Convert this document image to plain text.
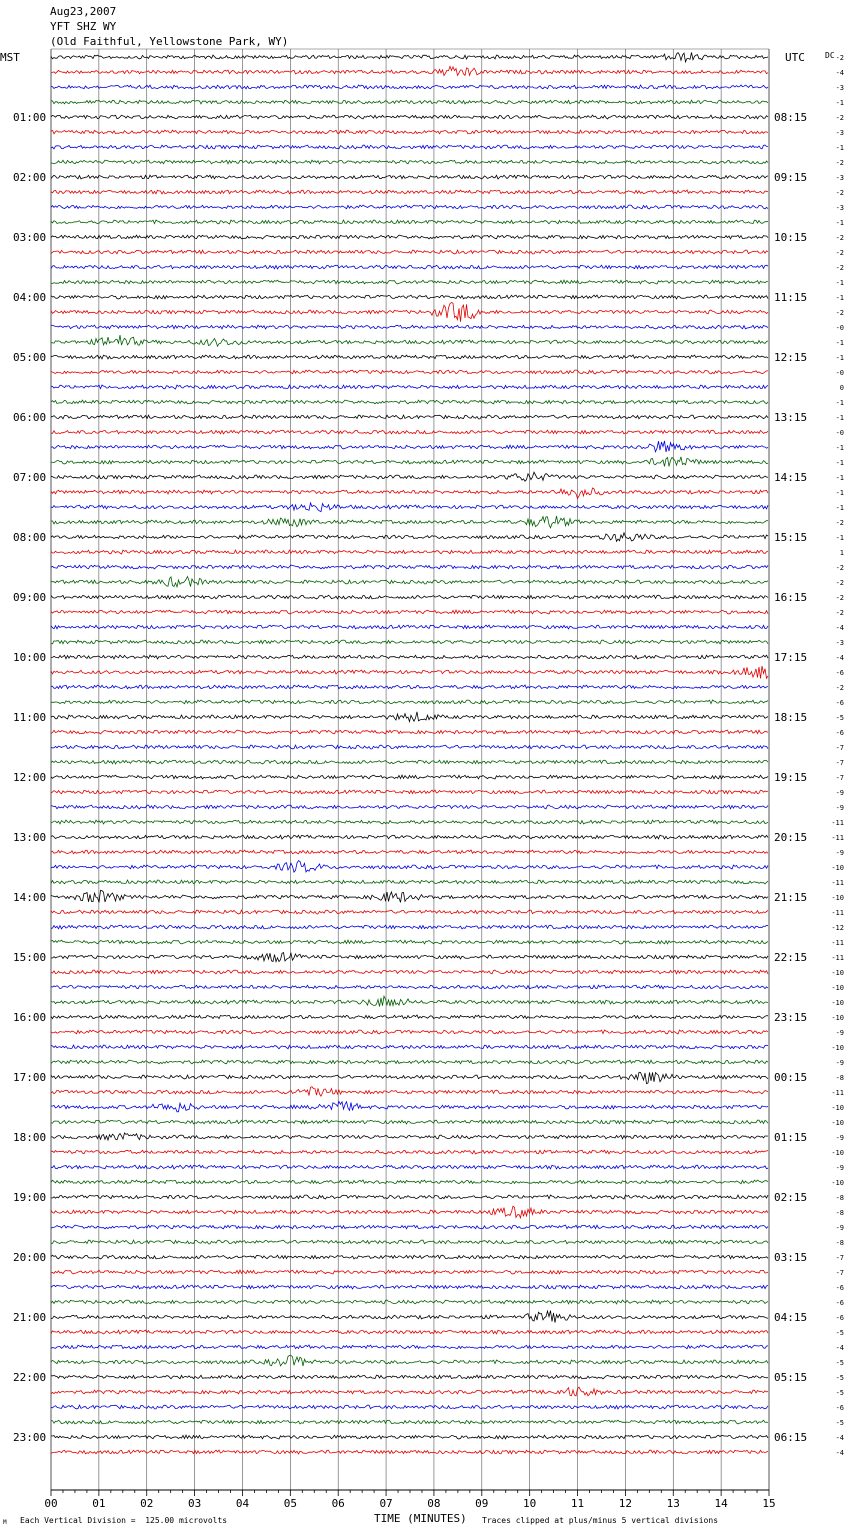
01:00
02:00
03:00
04:00
05:00
06:00
07:00
08:00
09:00
10:00
11:00
12:00
13:00
14:00
15:00
16:00
17:00
18:00
19:00
20:00
21:00
22:00
23:00
08:15
09:15
10:15
11:15
12:15
13:15
14:15
15:15
16:15
17:15
18:15
19:15
20:15
21:15
22:15
23:15
00:15
01:15
02:15
03:15
04:15
05:15
06:15
-2
-4
-3
-1
-2
-3
-1
-2
-3
-2
-3
-1
-2
-2
-2
-1
-1
-2
-0
-1
-1
-0
0
-1
-1
-0
-1
-1
-1
-1
-1
-2
-1
1
-2
-2
-2
-2
-4
-3
-4
-6
-2
-6
-5
-6
-7
-7
-7
-9
-9
-11
-11
-9
-10
-11
-10
-11
-12
-11
-11
-10
-10
-10
-10
-9
-10
-9
-8
-11
-10
-10
-9
-10
-9
-10
-8
-8
-9
-8
-7
-7
-6
-6
-6
-5
-4
-5
-5
-5
-6
-5
-4
-4
00	01	02	03	04	05	06	07	08	09	10	11	12	13	14	15
Aug23,2007
YFT SHZ WY
(Old Faithful, Yellowstone Park, WY)
MST	UTC	DC
M Each Vertical Division =  125.00 microvolts	TIME (MINUTES) Traces clipped at plus/minus 5 vertical divisions
